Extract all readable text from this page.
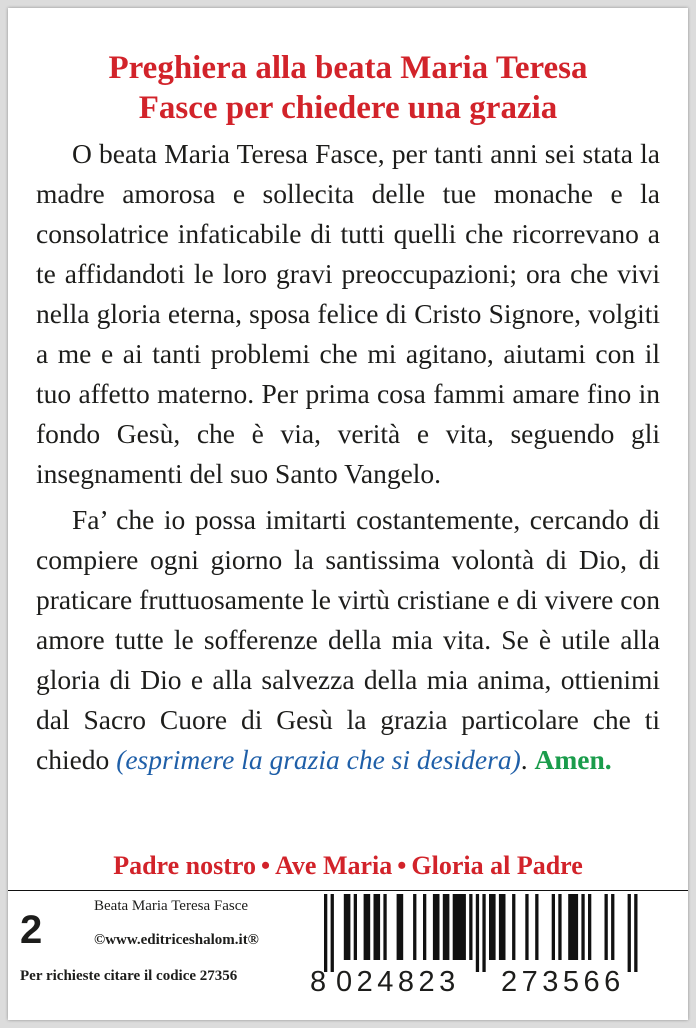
Preghiera alla beata Maria Teresa
Fasce per chiedere una grazia

O beata Maria Teresa Fasce, per tanti anni sei stata la madre amorosa e sollecita delle tue monache e la consolatrice infaticabile di tutti quelli che ricorrevano a te affidandoti le loro gravi preoccupazioni; ora che vivi nella gloria eterna, sposa felice di Cristo Signore, volgiti a me e ai tanti problemi che mi agitano, aiutami con il tuo affetto materno. Per prima cosa fammi amare fino in fondo Gesù, che è via, verità e vita, seguendo gli insegnamenti del suo Santo Vangelo.

Fa’ che io possa imitarti costantemente, cercando di compiere ogni giorno la santissima volontà di Dio, di praticare fruttuosamente le virtù cristiane e di vivere con amore tutte le sofferenze della mia vita. Se è utile alla gloria di Dio e alla salvezza della mia anima, ottienimi dal Sacro Cuore di Gesù la grazia particolare che ti chiedo (esprimere la grazia che si desidera). Amen.

Padre nostro • Ave Maria • Gloria al Padre
2
Beata Maria Teresa Fasce
©www.editriceshalom.it®
Per richieste citare il codice 27356	8 024823 273566
